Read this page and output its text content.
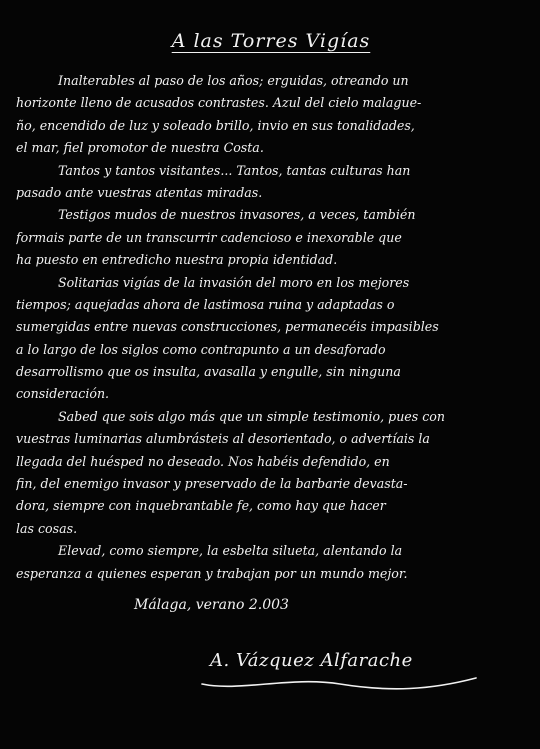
A las Torres Vigías
Inalterables al paso de los años; erguidas, otreando un
horizonte lleno de acusados contrastes. Azul del cielo malague-
ño, encendido de luz y soleado brillo, invio en sus tonalidades,
el mar, fiel promotor de nuestra Costa.
Tantos y tantos visitantes... Tantos, tantas culturas han
pasado ante vuestras atentas miradas.
Testigos mudos de nuestros invasores, a veces, también
formais parte de un transcurrir cadencioso e inexorable que
ha puesto en entredicho nuestra propia identidad.
Solitarias vigías de la invasión del moro en los mejores
tiempos; aquejadas ahora de lastimosa ruina y adaptadas o
sumergidas entre nuevas construcciones, permanecéis impasibles
a lo largo de los siglos como contrapunto a un desaforado
desarrollismo que os insulta, avasalla y engulle, sin ninguna
consideración.
Sabed que sois algo más que un simple testimonio, pues con
vuestras luminarias alumbrásteis al desorientado, o advertíais la
llegada del huésped no deseado. Nos habéis defendido, en
fin, del enemigo invasor y preservado de la barbarie devasta-
dora, siempre con inquebrantable fe, como hay que hacer
las cosas.
Elevad, como siempre, la esbelta silueta, alentando la
esperanza a quienes esperan y trabajan por un mundo mejor.
Málaga, verano 2.003
A. Vázquez Alfarache
